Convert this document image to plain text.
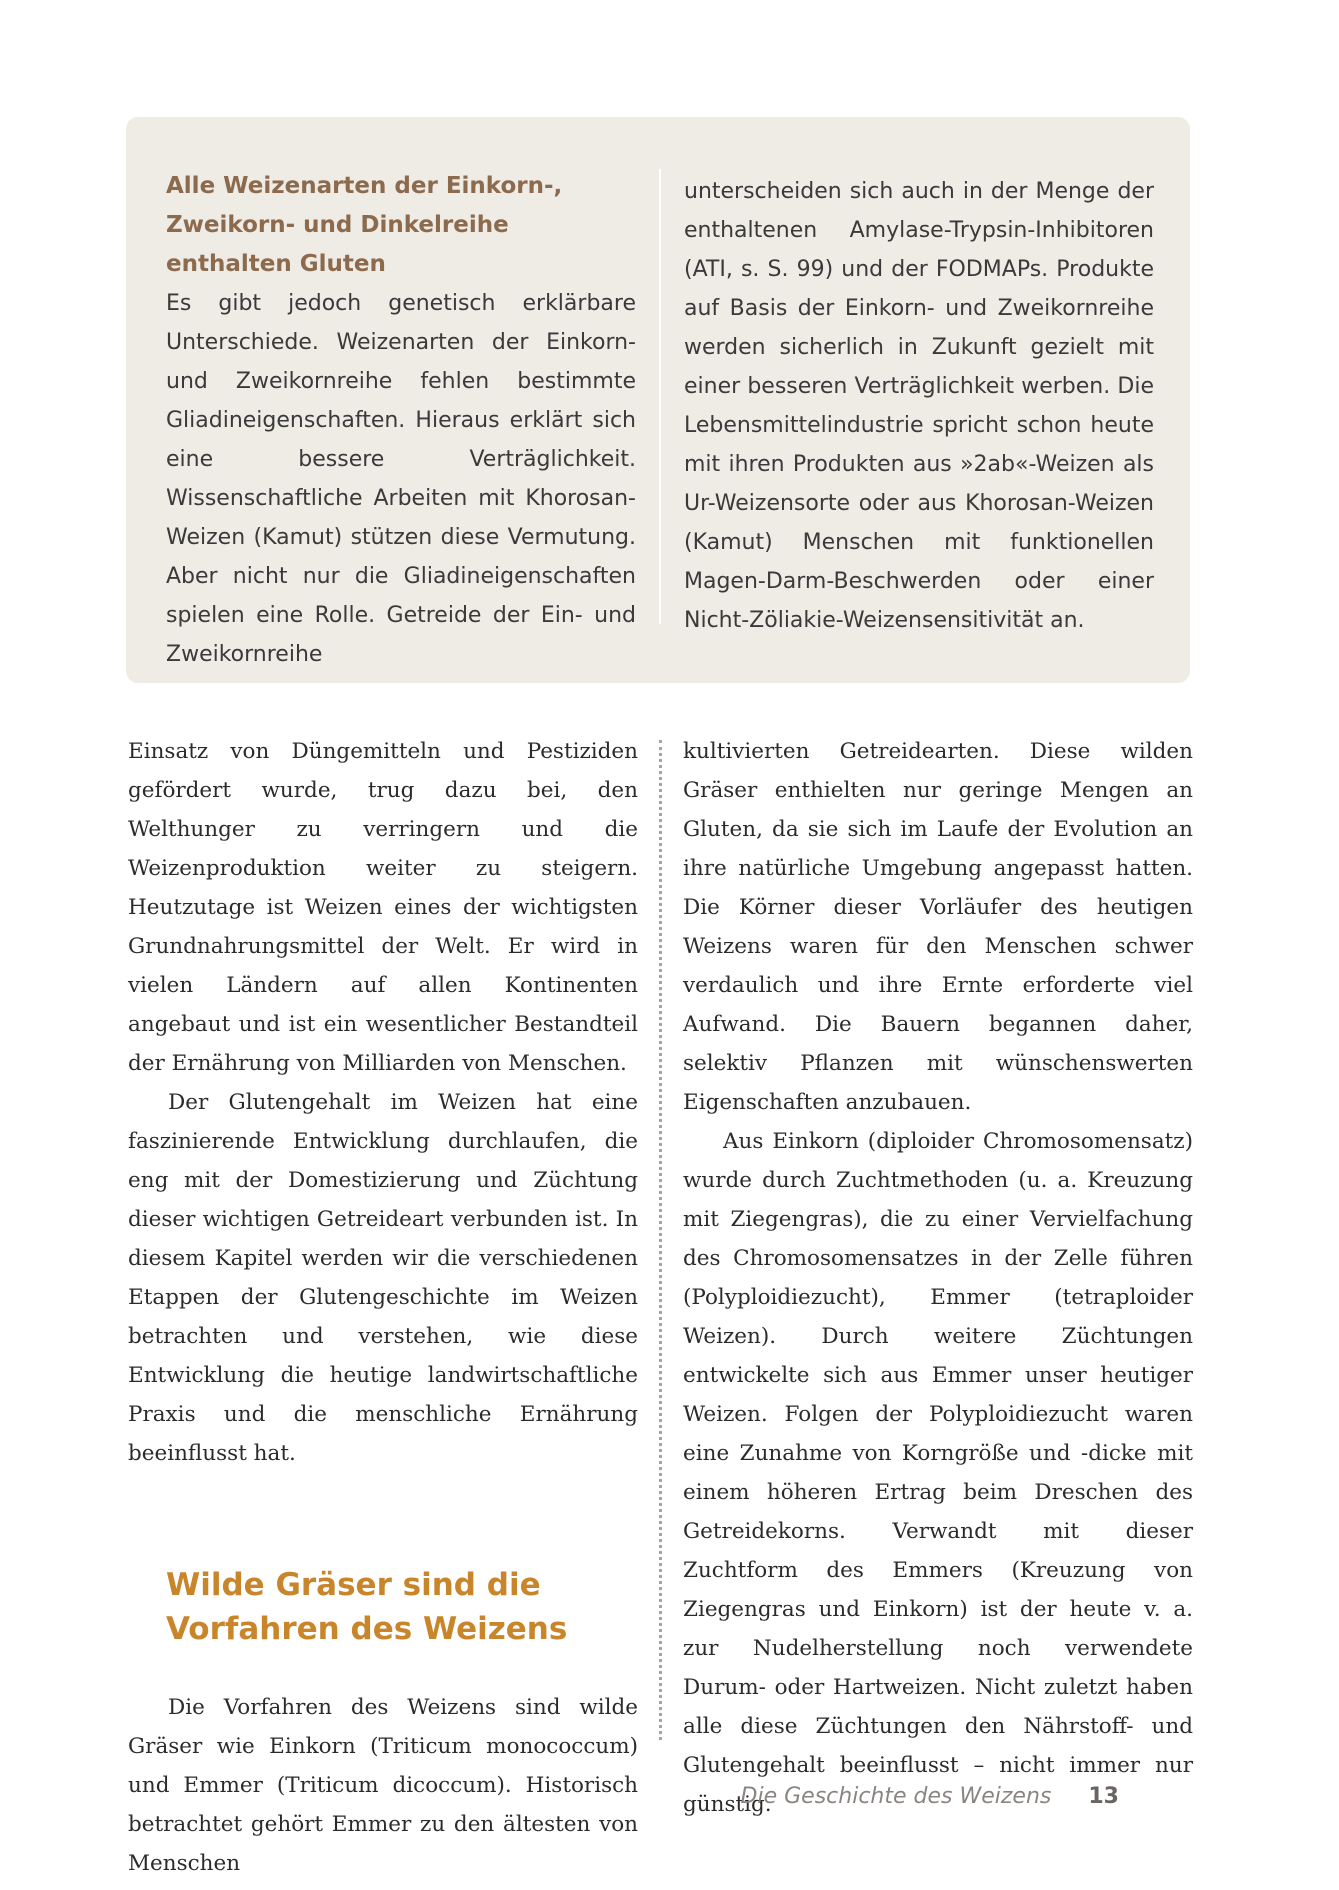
Alle Weizenarten der Einkorn-, Zweikorn- und Dinkelreihe enthalten Gluten

Es gibt jedoch genetisch erklärbare Unterschiede. Weizenarten der Einkorn- und Zweikornreihe fehlen bestimmte Gliadineigenschaften. Hieraus erklärt sich eine bessere Verträglichkeit. Wissenschaftliche Arbeiten mit Khorosan-Weizen (Kamut) stützen diese Vermutung. Aber nicht nur die Gliadineigenschaften spielen eine Rolle. Getreide der Ein- und Zweikornreihe

unterscheiden sich auch in der Menge der enthaltenen Amylase-Trypsin-Inhibitoren (ATI, s. S. 99) und der FODMAPs. Produkte auf Basis der Einkorn- und Zweikornreihe werden sicherlich in Zukunft gezielt mit einer besseren Verträglichkeit werben. Die Lebensmittelindustrie spricht schon heute mit ihren Produkten aus »2ab«-Weizen als Ur-Weizensorte oder aus Khorosan-Weizen (Kamut) Menschen mit funktionellen Magen-Darm-Beschwerden oder einer Nicht-Zöliakie-Weizensensitivität an.

Einsatz von Düngemitteln und Pestiziden gefördert wurde, trug dazu bei, den Welthunger zu verringern und die Weizenproduktion weiter zu steigern. Heutzutage ist Weizen eines der wichtigsten Grundnahrungsmittel der Welt. Er wird in vielen Ländern auf allen Kontinenten angebaut und ist ein wesentlicher Bestandteil der Ernährung von Milliarden von Menschen.

Der Glutengehalt im Weizen hat eine faszinierende Entwicklung durchlaufen, die eng mit der Domestizierung und Züchtung dieser wichtigen Getreideart verbunden ist. In diesem Kapitel werden wir die verschiedenen Etappen der Glutengeschichte im Weizen betrachten und verstehen, wie diese Entwicklung die heutige landwirtschaftliche Praxis und die menschliche Ernährung beeinflusst hat.

Wilde Gräser sind die Vorfahren des Weizens

Die Vorfahren des Weizens sind wilde Gräser wie Einkorn (Triticum monococcum) und Emmer (Triticum dicoccum). Historisch betrachtet gehört Emmer zu den ältesten von Menschen

kultivierten Getreidearten. Diese wilden Gräser enthielten nur geringe Mengen an Gluten, da sie sich im Laufe der Evolution an ihre natürliche Umgebung angepasst hatten. Die Körner dieser Vorläufer des heutigen Weizens waren für den Menschen schwer verdaulich und ihre Ernte erforderte viel Aufwand. Die Bauern begannen daher, selektiv Pflanzen mit wünschenswerten Eigenschaften anzubauen.

Aus Einkorn (diploider Chromosomensatz) wurde durch Zuchtmethoden (u. a. Kreuzung mit Ziegengras), die zu einer Vervielfachung des Chromosomensatzes in der Zelle führen (Polyploidiezucht), Emmer (tetraploider Weizen). Durch weitere Züchtungen entwickelte sich aus Emmer unser heutiger Weizen. Folgen der Polyploidiezucht waren eine Zunahme von Korngröße und -dicke mit einem höheren Ertrag beim Dreschen des Getreidekorns. Verwandt mit dieser Zuchtform des Emmers (Kreuzung von Ziegengras und Einkorn) ist der heute v. a. zur Nudelherstellung noch verwendete Durum- oder Hartweizen. Nicht zuletzt haben alle diese Züchtungen den Nährstoff- und Glutengehalt beeinflusst – nicht immer nur günstig.

Die Geschichte des Weizens 13
